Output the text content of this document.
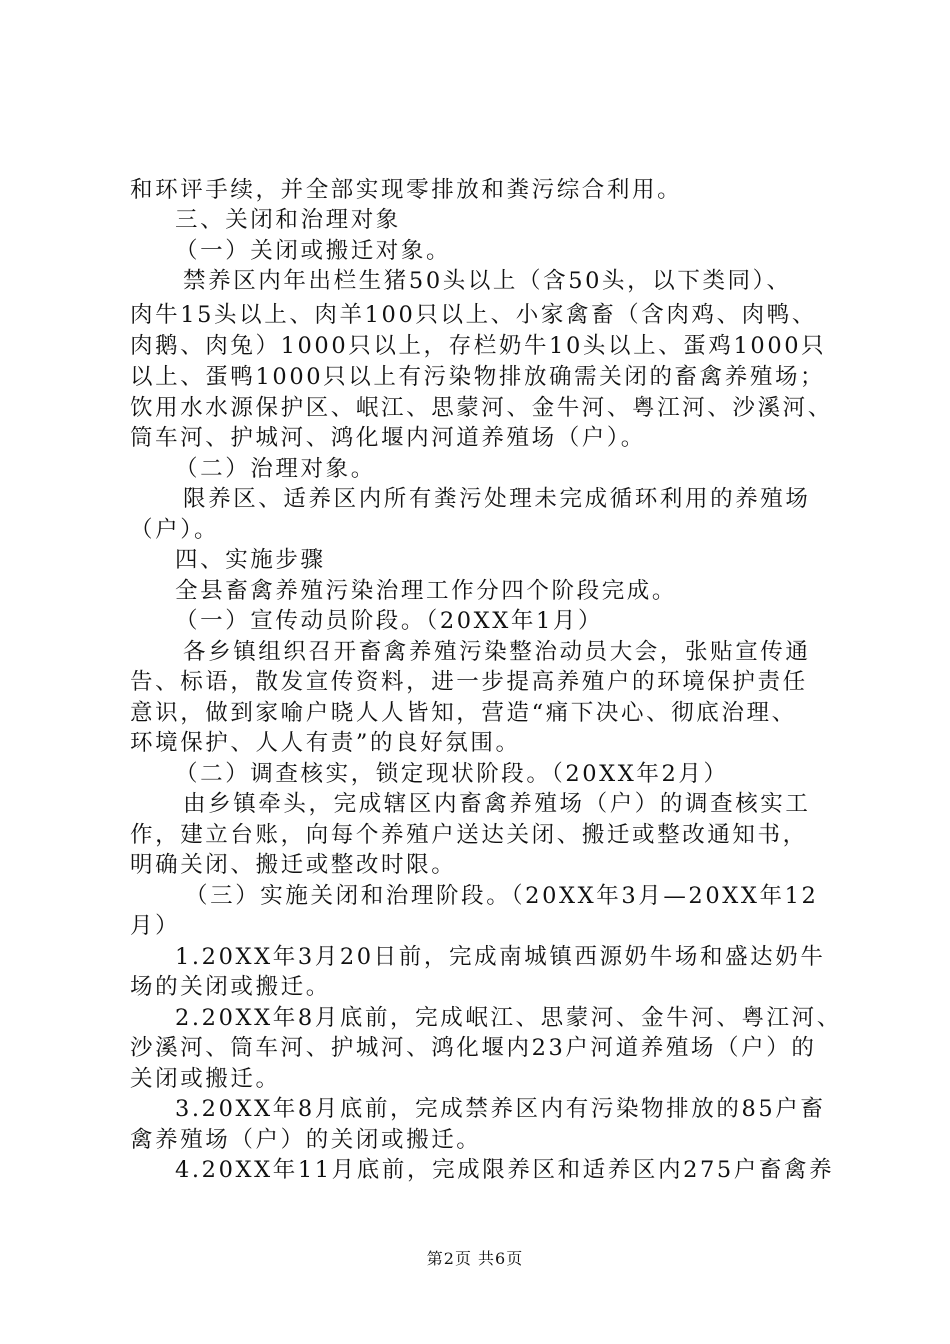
和环评手续，并全部实现零排放和粪污综合利用。
三、关闭和治理对象
（一）关闭或搬迁对象。
禁养区内年出栏生猪50头以上（含50头，以下类同）、
肉牛15头以上、肉羊100只以上、小家禽畜（含肉鸡、肉鸭、
肉鹅、肉兔）1000只以上，存栏奶牛10头以上、蛋鸡1000只
以上、蛋鸭1000只以上有污染物排放确需关闭的畜禽养殖场；
饮用水水源保护区、岷江、思蒙河、金牛河、粤江河、沙溪河、
筒车河、护城河、鸿化堰内河道养殖场（户）。
（二）治理对象。
限养区、适养区内所有粪污处理未完成循环利用的养殖场
（户）。
四、实施步骤
全县畜禽养殖污染治理工作分四个阶段完成。
（一）宣传动员阶段。（20XX年1月）
各乡镇组织召开畜禽养殖污染整治动员大会，张贴宣传通
告、标语，散发宣传资料，进一步提高养殖户的环境保护责任
意识，做到家喻户晓人人皆知，营造“痛下决心、彻底治理、
环境保护、人人有责”的良好氛围。
（二）调查核实，锁定现状阶段。（20XX年2月）
由乡镇牵头，完成辖区内畜禽养殖场（户）的调查核实工
作，建立台账，向每个养殖户送达关闭、搬迁或整改通知书，
明确关闭、搬迁或整改时限。
（三）实施关闭和治理阶段。（20XX年3月—20XX年12
月）
1.20XX年3月20日前，完成南城镇西源奶牛场和盛达奶牛
场的关闭或搬迁。
2.20XX年8月底前，完成岷江、思蒙河、金牛河、粤江河、
沙溪河、筒车河、护城河、鸿化堰内23户河道养殖场（户）的
关闭或搬迁。
3.20XX年8月底前，完成禁养区内有污染物排放的85户畜
禽养殖场（户）的关闭或搬迁。
4.20XX年11月底前，完成限养区和适养区内275户畜禽养
第2页 共6页
